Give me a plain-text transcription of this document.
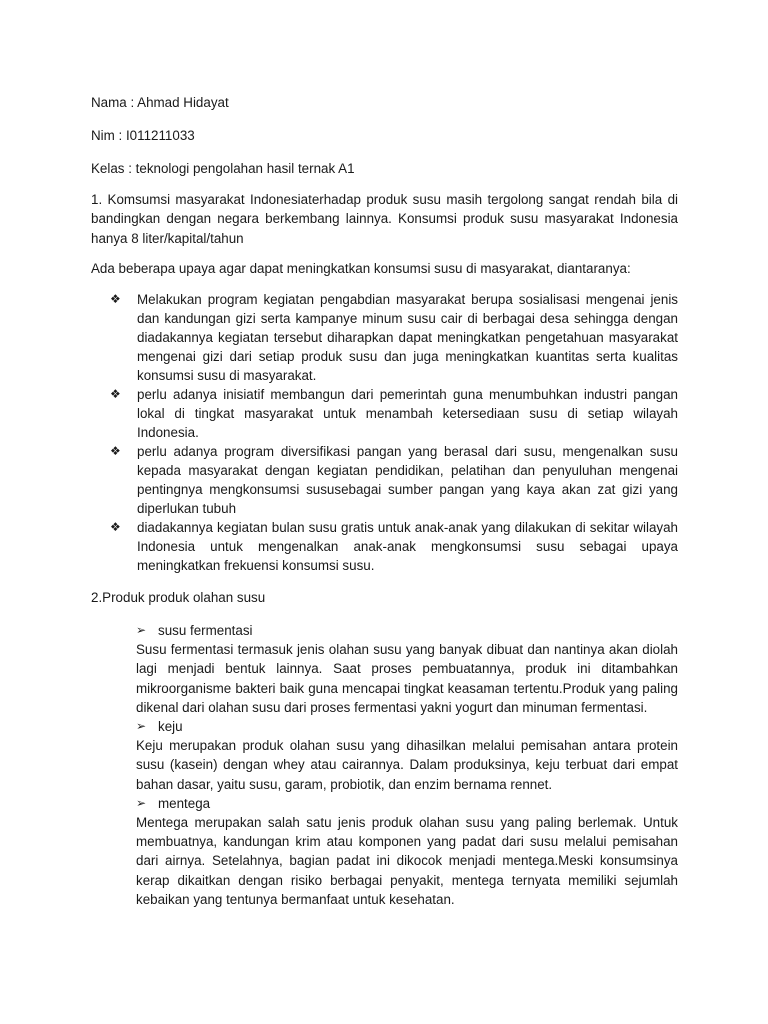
Nama : Ahmad Hidayat
Nim : I011211033
Kelas : teknologi pengolahan hasil ternak A1
1. Komsumsi masyarakat Indonesiaterhadap produk susu masih tergolong sangat rendah bila di bandingkan dengan negara berkembang lainnya. Konsumsi produk susu masyarakat Indonesia hanya 8 liter/kapital/tahun
Ada beberapa upaya agar dapat meningkatkan konsumsi susu di masyarakat, diantaranya:
❖ Melakukan program kegiatan pengabdian masyarakat berupa sosialisasi mengenai jenis dan kandungan gizi serta kampanye minum susu cair di berbagai desa sehingga dengan diadakannya kegiatan tersebut diharapkan dapat meningkatkan pengetahuan masyarakat mengenai gizi dari setiap produk susu dan juga meningkatkan kuantitas serta kualitas konsumsi susu di masyarakat.
❖ perlu adanya inisiatif membangun dari pemerintah guna menumbuhkan industri pangan lokal di tingkat masyarakat untuk menambah ketersediaan susu di setiap wilayah Indonesia.
❖ perlu adanya program diversifikasi pangan yang berasal dari susu, mengenalkan susu kepada masyarakat dengan kegiatan pendidikan, pelatihan dan penyuluhan mengenai pentingnya mengkonsumsi sususebagai sumber pangan yang kaya akan zat gizi yang diperlukan tubuh
❖ diadakannya kegiatan bulan susu gratis untuk anak-anak yang dilakukan di sekitar wilayah Indonesia untuk mengenalkan anak-anak mengkonsumsi susu sebagai upaya meningkatkan frekuensi konsumsi susu.
2.Produk produk olahan susu
➢ susu fermentasi
Susu fermentasi termasuk jenis olahan susu yang banyak dibuat dan nantinya akan diolah lagi menjadi bentuk lainnya. Saat proses pembuatannya, produk ini ditambahkan mikroorganisme bakteri baik guna mencapai tingkat keasaman tertentu.Produk yang paling dikenal dari olahan susu dari proses fermentasi yakni yogurt dan minuman fermentasi.
➢ keju
Keju merupakan produk olahan susu yang dihasilkan melalui pemisahan antara protein susu (kasein) dengan whey atau cairannya. Dalam produksinya, keju terbuat dari empat bahan dasar, yaitu susu, garam, probiotik, dan enzim bernama rennet.
➢ mentega
Mentega merupakan salah satu jenis produk olahan susu yang paling berlemak. Untuk membuatnya, kandungan krim atau komponen yang padat dari susu melalui pemisahan dari airnya. Setelahnya, bagian padat ini dikocok menjadi mentega.Meski konsumsinya kerap dikaitkan dengan risiko berbagai penyakit, mentega ternyata memiliki sejumlah kebaikan yang tentunya bermanfaat untuk kesehatan.
